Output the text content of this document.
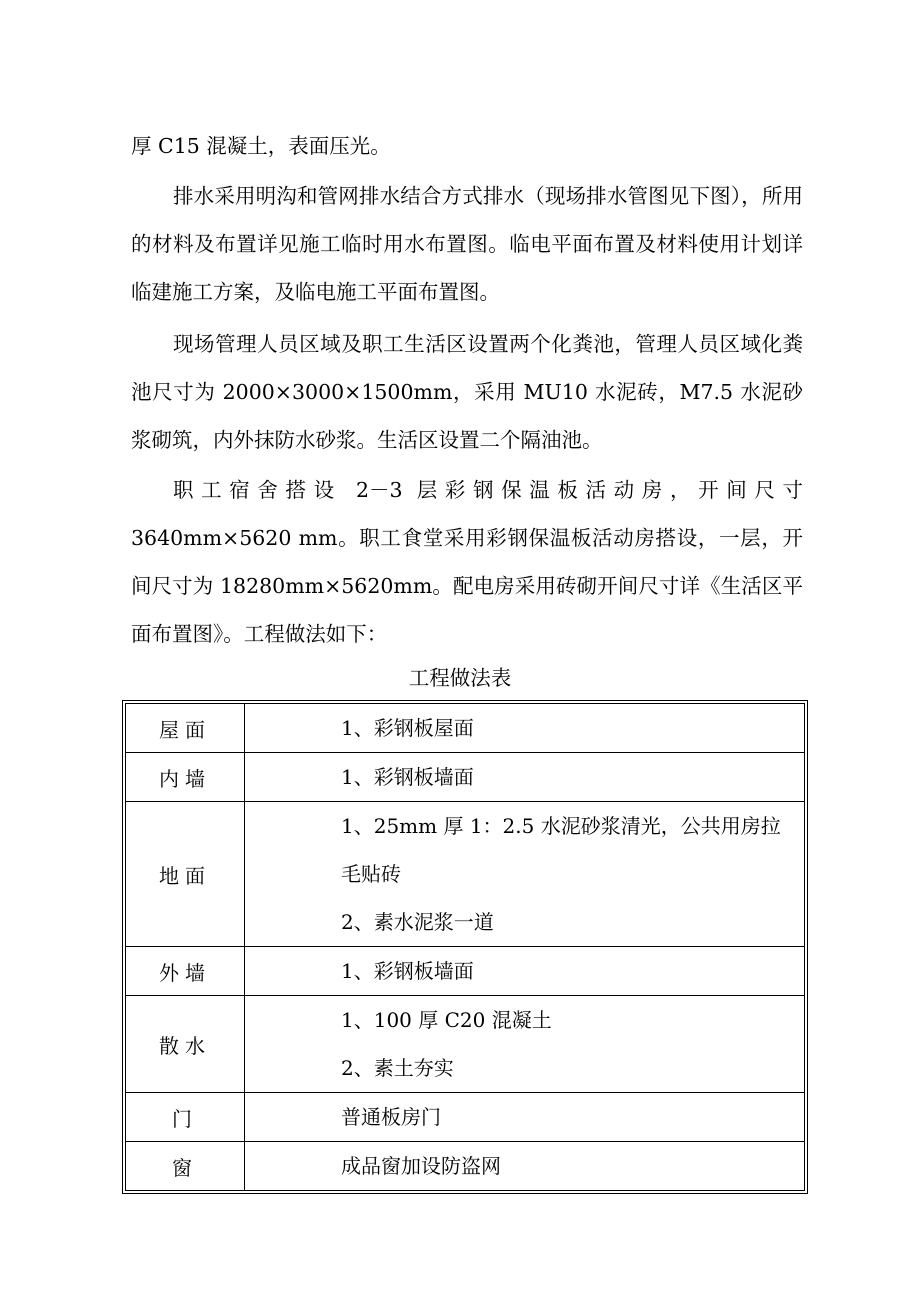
厚 C15 混凝土，表面压光。

排水采用明沟和管网排水结合方式排水（现场排水管图见下图），所用的材料及布置详见施工临时用水布置图。临电平面布置及材料使用计划详临建施工方案，及临电施工平面布置图。

现场管理人员区域及职工生活区设置两个化粪池，管理人员区域化粪池尺寸为 2000×3000×1500mm，采用 MU10 水泥砖，M7.5 水泥砂浆砌筑，内外抹防水砂浆。生活区设置二个隔油池。

职工宿舍搭设 2－3 层彩钢保温板活动房，开间尺寸 3640mm×5620 mm。职工食堂采用彩钢保温板活动房搭设，一层，开间尺寸为 18280mm×5620mm。配电房采用砖砌开间尺寸详《生活区平面布置图》。工程做法如下：

工程做法表
屋面	1、彩钢板屋面

内墙	1、彩钢板墙面

地面	1、25mm 厚 1：2.5 水泥砂浆清光，公共用房拉毛贴砖
2、素水泥浆一道

外墙	1、彩钢板墙面

散水	1、100 厚 C20 混凝土
2、素土夯实

门	普通板房门

窗	成品窗加设防盗网
